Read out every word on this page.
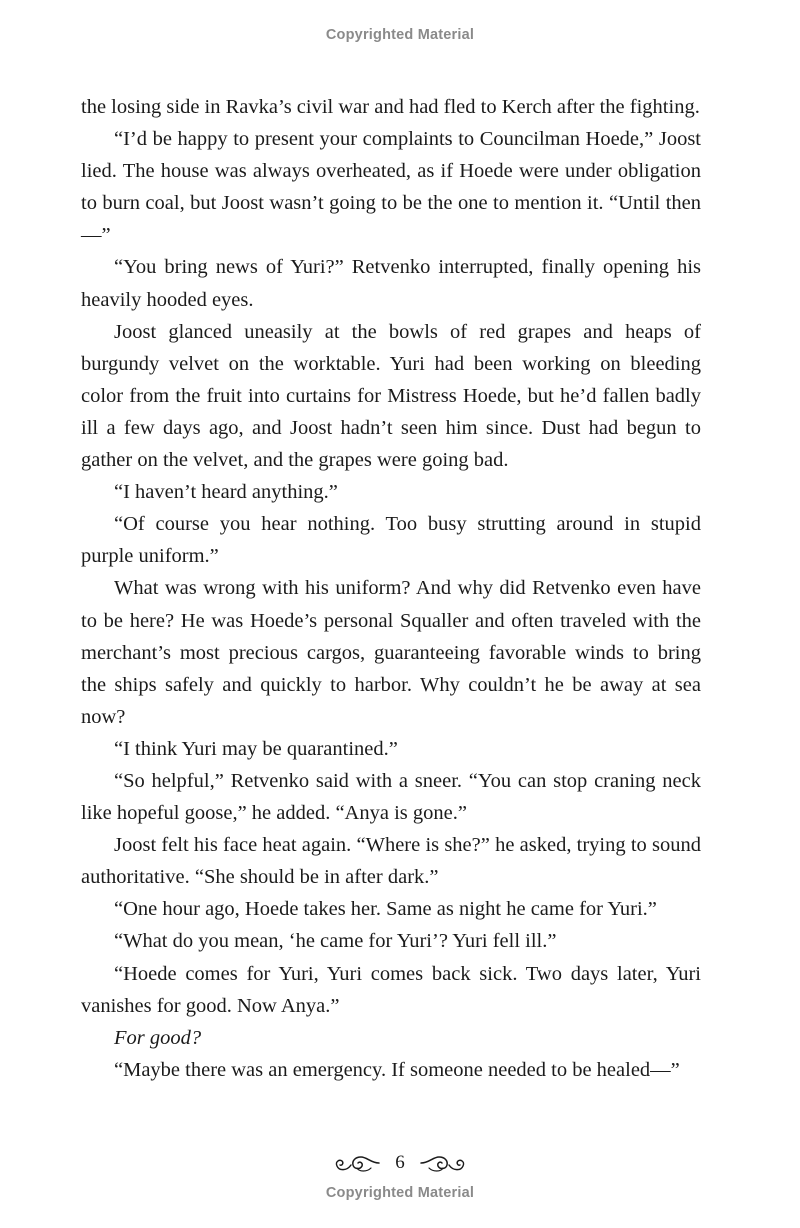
Copyrighted Material

the losing side in Ravka’s civil war and had fled to Kerch after the fighting.

“I’d be happy to present your complaints to Councilman Hoede,” Joost lied. The house was always overheated, as if Hoede were under obligation to burn coal, but Joost wasn’t going to be the one to mention it. “Until then—”

“You bring news of Yuri?” Retvenko interrupted, finally opening his heavily hooded eyes.

Joost glanced uneasily at the bowls of red grapes and heaps of burgundy velvet on the worktable. Yuri had been working on bleeding color from the fruit into curtains for Mistress Hoede, but he’d fallen badly ill a few days ago, and Joost hadn’t seen him since. Dust had begun to gather on the velvet, and the grapes were going bad.

“I haven’t heard anything.”

“Of course you hear nothing. Too busy strutting around in stupid purple uniform.”

What was wrong with his uniform? And why did Retvenko even have to be here? He was Hoede’s personal Squaller and often traveled with the merchant’s most precious cargos, guaranteeing favorable winds to bring the ships safely and quickly to harbor. Why couldn’t he be away at sea now?

“I think Yuri may be quarantined.”

“So helpful,” Retvenko said with a sneer. “You can stop craning neck like hopeful goose,” he added. “Anya is gone.”

Joost felt his face heat again. “Where is she?” he asked, trying to sound authoritative. “She should be in after dark.”

“One hour ago, Hoede takes her. Same as night he came for Yuri.”

“What do you mean, ‘he came for Yuri’? Yuri fell ill.”

“Hoede comes for Yuri, Yuri comes back sick. Two days later, Yuri vanishes for good. Now Anya.”

For good?

“Maybe there was an emergency. If someone needed to be healed—”

6
Copyrighted Material
